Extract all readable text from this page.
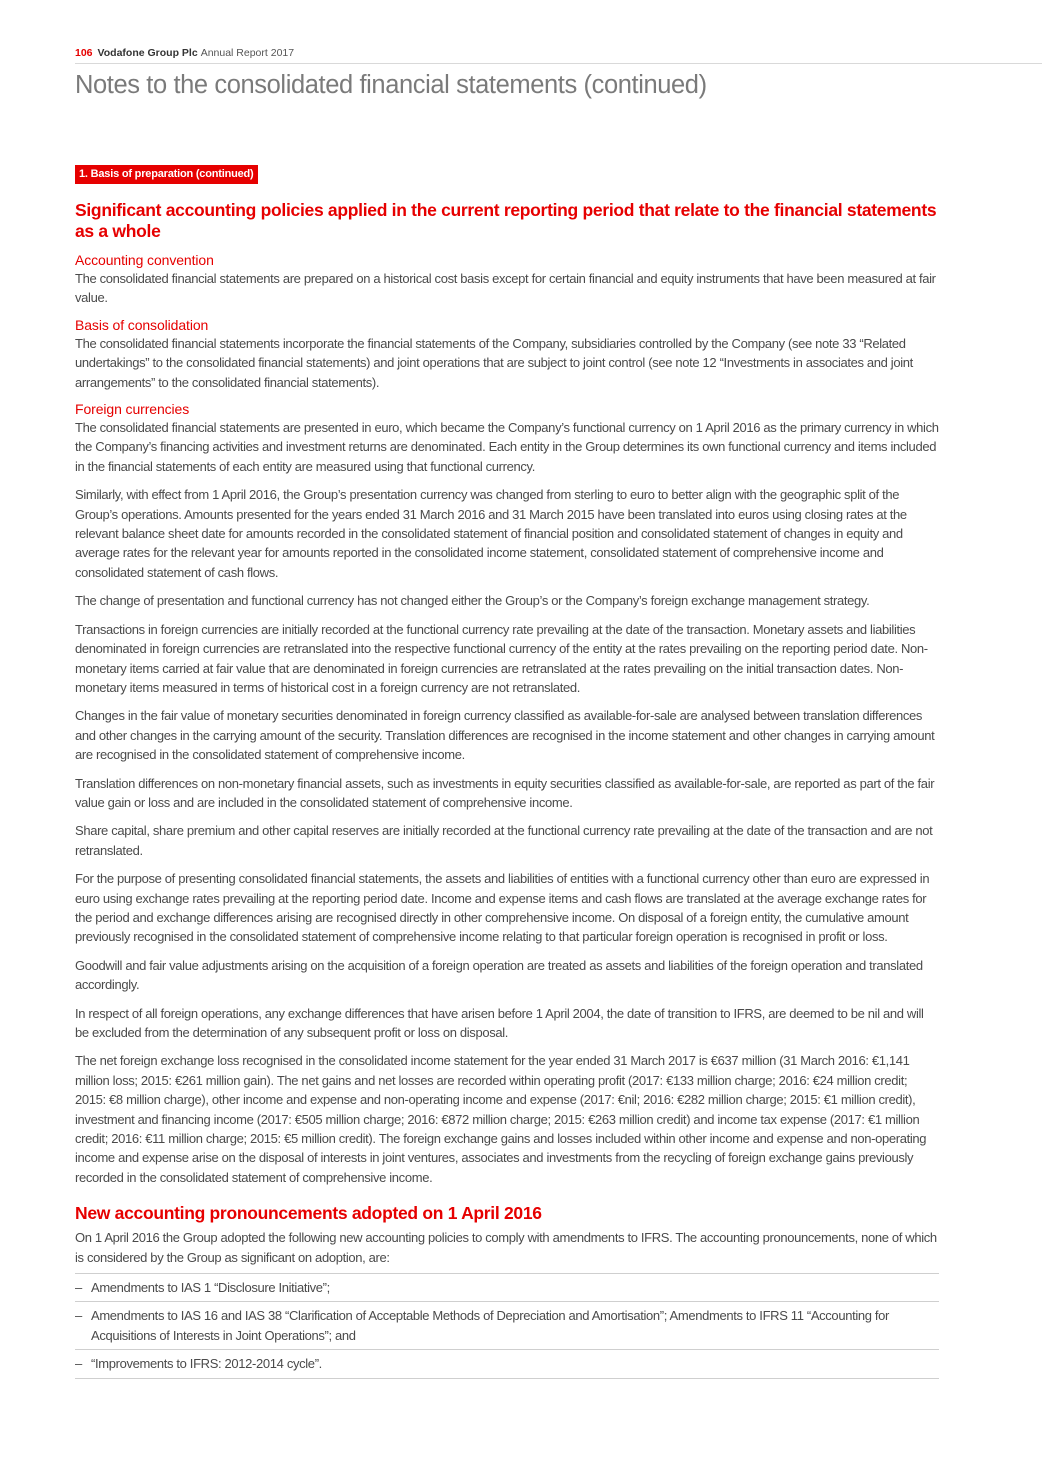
106 Vodafone Group Plc Annual Report 2017
Notes to the consolidated financial statements (continued)
1. Basis of preparation (continued)
Significant accounting policies applied in the current reporting period that relate to the financial statements as a whole
Accounting convention

The consolidated financial statements are prepared on a historical cost basis except for certain financial and equity instruments that have been measured at fair value.

Basis of consolidation

The consolidated financial statements incorporate the financial statements of the Company, subsidiaries controlled by the Company (see note 33 “Related undertakings” to the consolidated financial statements) and joint operations that are subject to joint control (see note 12 “Investments in associates and joint arrangements” to the consolidated financial statements).

Foreign currencies

The consolidated financial statements are presented in euro, which became the Company’s functional currency on 1 April 2016 as the primary currency in which the Company’s financing activities and investment returns are denominated. Each entity in the Group determines its own functional currency and items included in the financial statements of each entity are measured using that functional currency.

Similarly, with effect from 1 April 2016, the Group’s presentation currency was changed from sterling to euro to better align with the geographic split of the Group’s operations. Amounts presented for the years ended 31 March 2016 and 31 March 2015 have been translated into euros using closing rates at the relevant balance sheet date for amounts recorded in the consolidated statement of financial position and consolidated statement of changes in equity and average rates for the relevant year for amounts reported in the consolidated income statement, consolidated statement of comprehensive income and consolidated statement of cash flows.

The change of presentation and functional currency has not changed either the Group’s or the Company’s foreign exchange management strategy.

Transactions in foreign currencies are initially recorded at the functional currency rate prevailing at the date of the transaction. Monetary assets and liabilities denominated in foreign currencies are retranslated into the respective functional currency of the entity at the rates prevailing on the reporting period date. Non-monetary items carried at fair value that are denominated in foreign currencies are retranslated at the rates prevailing on the initial transaction dates. Non-monetary items measured in terms of historical cost in a foreign currency are not retranslated.

Changes in the fair value of monetary securities denominated in foreign currency classified as available-for-sale are analysed between translation differences and other changes in the carrying amount of the security. Translation differences are recognised in the income statement and other changes in carrying amount are recognised in the consolidated statement of comprehensive income.

Translation differences on non-monetary financial assets, such as investments in equity securities classified as available-for-sale, are reported as part of the fair value gain or loss and are included in the consolidated statement of comprehensive income.

Share capital, share premium and other capital reserves are initially recorded at the functional currency rate prevailing at the date of the transaction and are not retranslated.

For the purpose of presenting consolidated financial statements, the assets and liabilities of entities with a functional currency other than euro are expressed in euro using exchange rates prevailing at the reporting period date. Income and expense items and cash flows are translated at the average exchange rates for the period and exchange differences arising are recognised directly in other comprehensive income. On disposal of a foreign entity, the cumulative amount previously recognised in the consolidated statement of comprehensive income relating to that particular foreign operation is recognised in profit or loss.

Goodwill and fair value adjustments arising on the acquisition of a foreign operation are treated as assets and liabilities of the foreign operation and translated accordingly.

In respect of all foreign operations, any exchange differences that have arisen before 1 April 2004, the date of transition to IFRS, are deemed to be nil and will be excluded from the determination of any subsequent profit or loss on disposal.

The net foreign exchange loss recognised in the consolidated income statement for the year ended 31 March 2017 is €637 million (31 March 2016: €1,141 million loss; 2015: €261 million gain). The net gains and net losses are recorded within operating profit (2017: €133 million charge; 2016: €24 million credit; 2015: €8 million charge), other income and expense and non-operating income and expense (2017: €nil; 2016: €282 million charge; 2015: €1 million credit), investment and financing income (2017: €505 million charge; 2016: €872 million charge; 2015: €263 million credit) and income tax expense (2017: €1 million credit; 2016: €11 million charge; 2015: €5 million credit). The foreign exchange gains and losses included within other income and expense and non-operating income and expense arise on the disposal of interests in joint ventures, associates and investments from the recycling of foreign exchange gains previously recorded in the consolidated statement of comprehensive income.

New accounting pronouncements adopted on 1 April 2016

On 1 April 2016 the Group adopted the following new accounting policies to comply with amendments to IFRS. The accounting pronouncements, none of which is considered by the Group as significant on adoption, are:

– Amendments to IAS 1 “Disclosure Initiative”;
– Amendments to IAS 16 and IAS 38 “Clarification of Acceptable Methods of Depreciation and Amortisation”; Amendments to IFRS 11 “Accounting for Acquisitions of Interests in Joint Operations”; and
– “Improvements to IFRS: 2012-2014 cycle”.
